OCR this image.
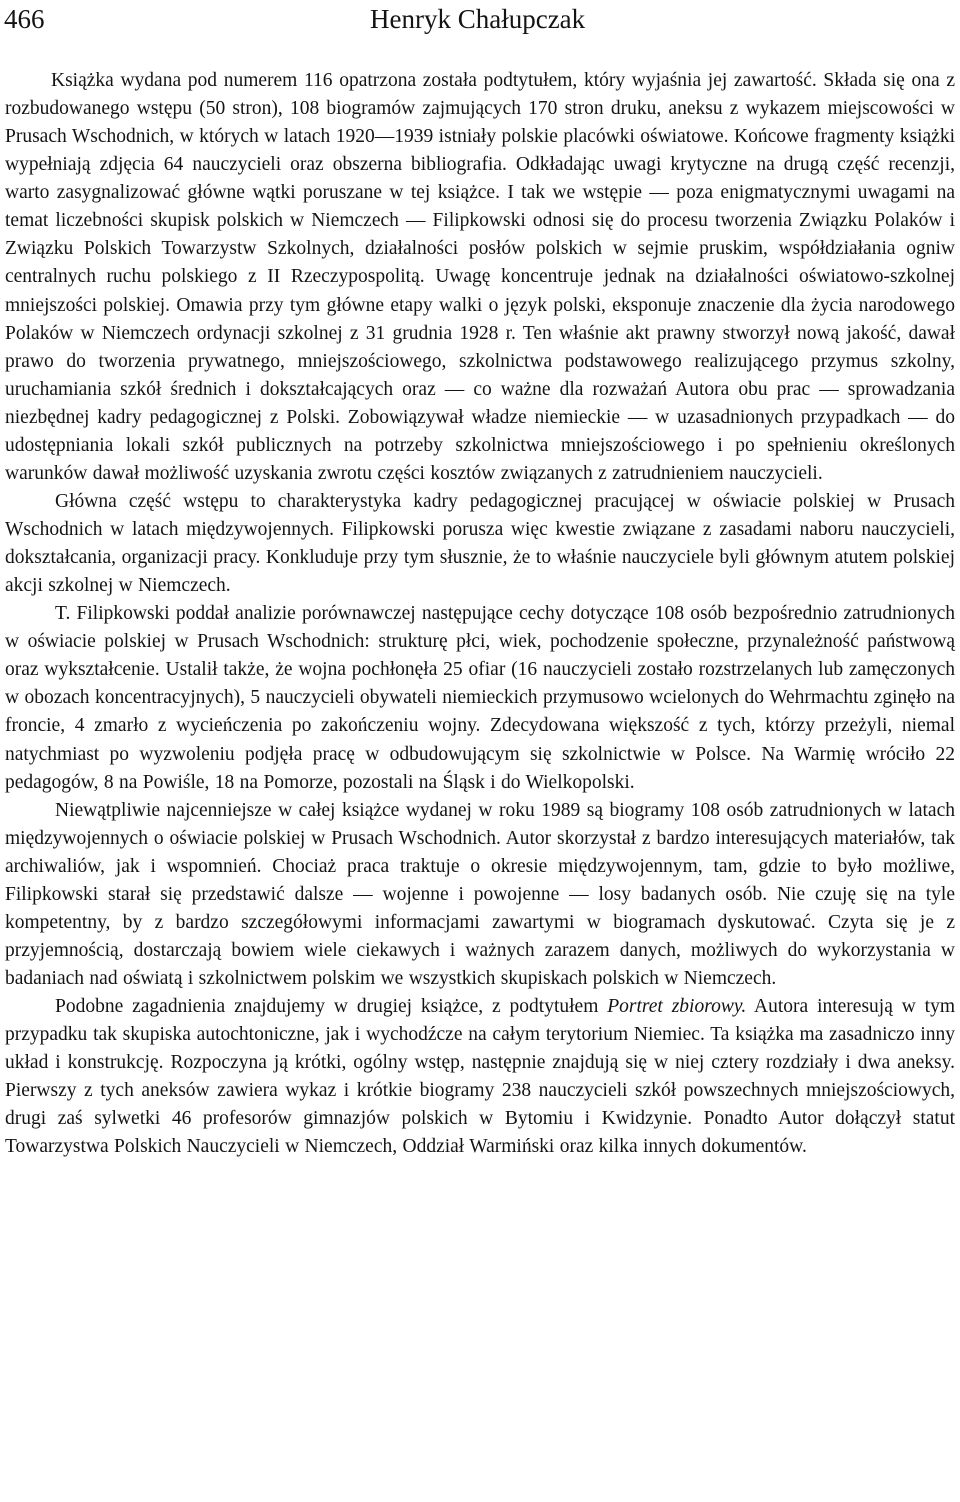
466	Henryk Chałupczak

Książka wydana pod numerem 116 opatrzona została podtytułem, który wyjaśnia jej zawartość. Składa się ona z rozbudowanego wstępu (50 stron), 108 biogramów zajmujących 170 stron druku, aneksu z wykazem miejscowości w Prusach Wschodnich, w których w latach 1920—1939 istniały polskie placówki oświatowe. Końcowe fragmenty książki wypełniają zdjęcia 64 nauczycieli oraz obszerna bibliografia. Odkładając uwagi krytyczne na drugą część recenzji, warto zasygnalizować główne wątki poruszane w tej książce. I tak we wstępie — poza enigmatycznymi uwagami na temat liczebności skupisk polskich w Niemczech — Filipkowski odnosi się do procesu tworzenia Związku Polaków i Związku Polskich Towarzystw Szkolnych, działalności posłów polskich w sejmie pruskim, współdziałania ogniw centralnych ruchu polskiego z II Rzeczypospolitą. Uwagę koncentruje jednak na działalności oświatowo-szkolnej mniejszości polskiej. Omawia przy tym główne etapy walki o język polski, eksponuje znaczenie dla życia narodowego Polaków w Niemczech ordynacji szkolnej z 31 grudnia 1928 r. Ten właśnie akt prawny stworzył nową jakość, dawał prawo do tworzenia prywatnego, mniejszościowego, szkolnictwa podstawowego realizującego przymus szkolny, uruchamiania szkół średnich i dokształcających oraz — co ważne dla rozważań Autora obu prac — sprowadzania niezbędnej kadry pedagogicznej z Polski. Zobowiązywał władze niemieckie — w uzasadnionych przypadkach — do udostępniania lokali szkół publicznych na potrzeby szkolnictwa mniejszościowego i po spełnieniu określonych warunków dawał możliwość uzyskania zwrotu części kosztów związanych z zatrudnieniem nauczycieli.

Główna część wstępu to charakterystyka kadry pedagogicznej pracującej w oświacie polskiej w Prusach Wschodnich w latach międzywojennych. Filipkowski porusza więc kwestie związane z zasadami naboru nauczycieli, dokształcania, organizacji pracy. Konkluduje przy tym słusznie, że to właśnie nauczyciele byli głównym atutem polskiej akcji szkolnej w Niemczech.

T. Filipkowski poddał analizie porównawczej następujące cechy dotyczące 108 osób bezpośrednio zatrudnionych w oświacie polskiej w Prusach Wschodnich: strukturę płci, wiek, pochodzenie społeczne, przynależność państwową oraz wykształcenie. Ustalił także, że wojna pochłonęła 25 ofiar (16 nauczycieli zostało rozstrzelanych lub zamęczonych w obozach koncentracyjnych), 5 nauczycieli obywateli niemieckich przymusowo wcielonych do Wehrmachtu zginęło na froncie, 4 zmarło z wycieńczenia po zakończeniu wojny. Zdecydowana większość z tych, którzy przeżyli, niemal natychmiast po wyzwoleniu podjęła pracę w odbudowującym się szkolnictwie w Polsce. Na Warmię wróciło 22 pedagogów, 8 na Powiśle, 18 na Pomorze, pozostali na Śląsk i do Wielkopolski.

Niewątpliwie najcenniejsze w całej książce wydanej w roku 1989 są biogramy 108 osób zatrudnionych w latach międzywojennych o oświacie polskiej w Prusach Wschodnich. Autor skorzystał z bardzo interesujących materiałów, tak archiwaliów, jak i wspomnień. Chociaż praca traktuje o okresie międzywojennym, tam, gdzie to było możliwe, Filipkowski starał się przedstawić dalsze — wojenne i powojenne — losy badanych osób. Nie czuję się na tyle kompetentny, by z bardzo szczegółowymi informacjami zawartymi w biogramach dyskutować. Czyta się je z przyjemnością, dostarczają bowiem wiele ciekawych i ważnych zarazem danych, możliwych do wykorzystania w badaniach nad oświatą i szkolnictwem polskim we wszystkich skupiskach polskich w Niemczech.

Podobne zagadnienia znajdujemy w drugiej książce, z podtytułem Portret zbiorowy. Autora interesują w tym przypadku tak skupiska autochtoniczne, jak i wychodźcze na całym terytorium Niemiec. Ta książka ma zasadniczo inny układ i konstrukcję. Rozpoczyna ją krótki, ogólny wstęp, następnie znajdują się w niej cztery rozdziały i dwa aneksy. Pierwszy z tych aneksów zawiera wykaz i krótkie biogramy 238 nauczycieli szkół powszechnych mniejszościowych, drugi zaś sylwetki 46 profesorów gimnazjów polskich w Bytomiu i Kwidzynie. Ponadto Autor dołączył statut Towarzystwa Polskich Nauczycieli w Niemczech, Oddział Warmiński oraz kilka innych dokumentów.
